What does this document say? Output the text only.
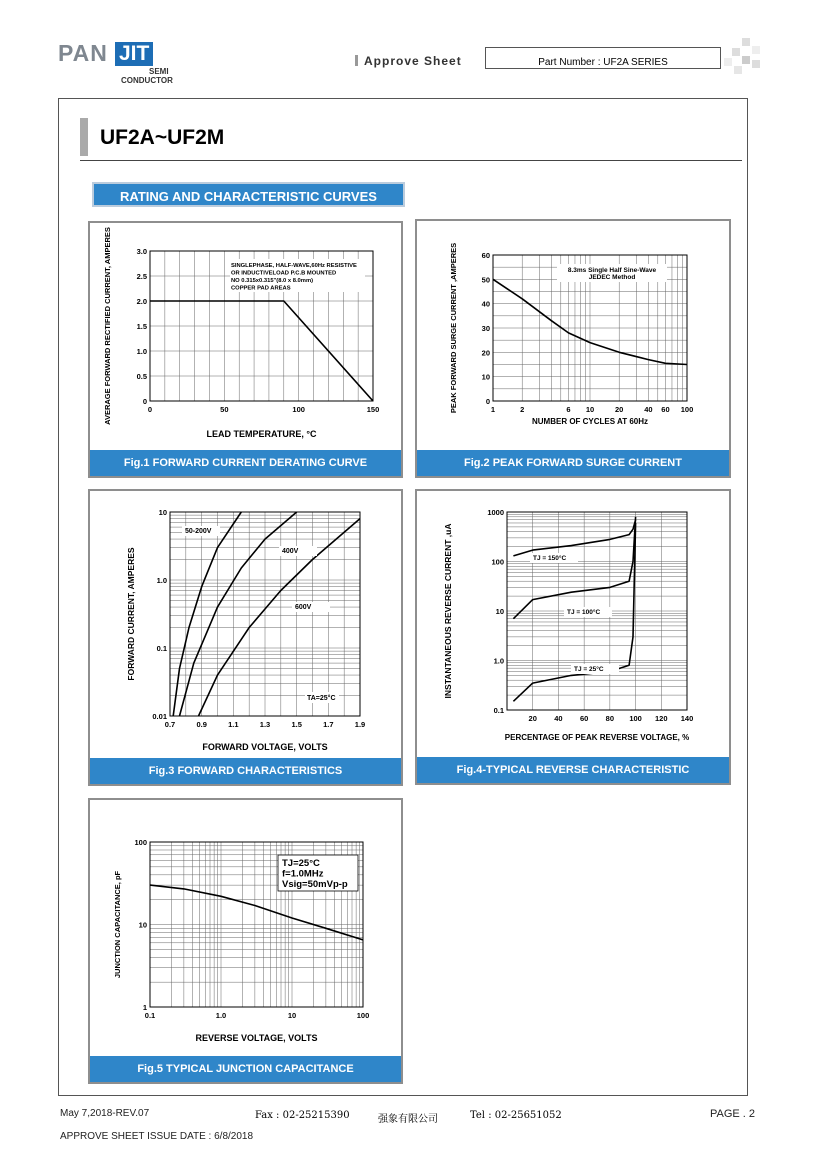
PAN JIT
SEMI
CONDUCTOR
Approve Sheet	Part Number : UF2A SERIES
UF2A~UF2M
RATING AND CHARACTERISTIC CURVES
0	50	100	150
0
0.5
1.0
1.5
2.0
2.5
3.0
LEAD TEMPERATURE, °C
AVERAGE FORWARD RECTIFIED CURRENT, AMPERES	SINGLEPHASE, HALF-WAVE,60Hz RESISTIVE
OR INDUCTIVELOAD P.C.B MOUNTED
NO 0.315x0.315"(8.0 x 8.0mm)
COPPER PAD AREAS
Fig.1 FORWARD CURRENT DERATING CURVE
1	2	6 10	20	40 60 100
0
10
20
30
40
50
60
NUMBER OF CYCLES AT 60Hz
PEAK FORWARD SURGE CURRENT ,AMPERES	8.3ms Single Half Sine-Wave
JEDEC Method
Fig.2 PEAK FORWARD SURGE CURRENT
0.7	0.9	1.1	1.3	1.5	1.7	1.9
0.01
0.1
1.0
10
FORWARD VOLTAGE, VOLTS
FORWARD CURRENT, AMPERES
50-200V
400V
600V
TA=25°C
Fig.3 FORWARD CHARACTERISTICS
20 40 60 80 100 120 140
0.1
1.0
10
100
1000
PERCENTAGE OF PEAK REVERSE VOLTAGE, %
INSTANTANEOUS REVERSE CURRENT ,uA	TJ = 150°C
TJ = 100°C
TJ = 25°C
Fig.4-TYPICAL REVERSE CHARACTERISTIC
0.1	1.0	10	100
1
10
100
REVERSE VOLTAGE, VOLTS
JUNCTION CAPACITANCE, pF
TJ=25°C
f=1.0MHz
Vsig=50mVp-p
Fig.5 TYPICAL JUNCTION CAPACITANCE
May 7,2018-REV.07	Fax : 02-25215390	强象有限公司	Tel : 02-25651052	PAGE . 2
APPROVE SHEET ISSUE DATE : 6/8/2018
